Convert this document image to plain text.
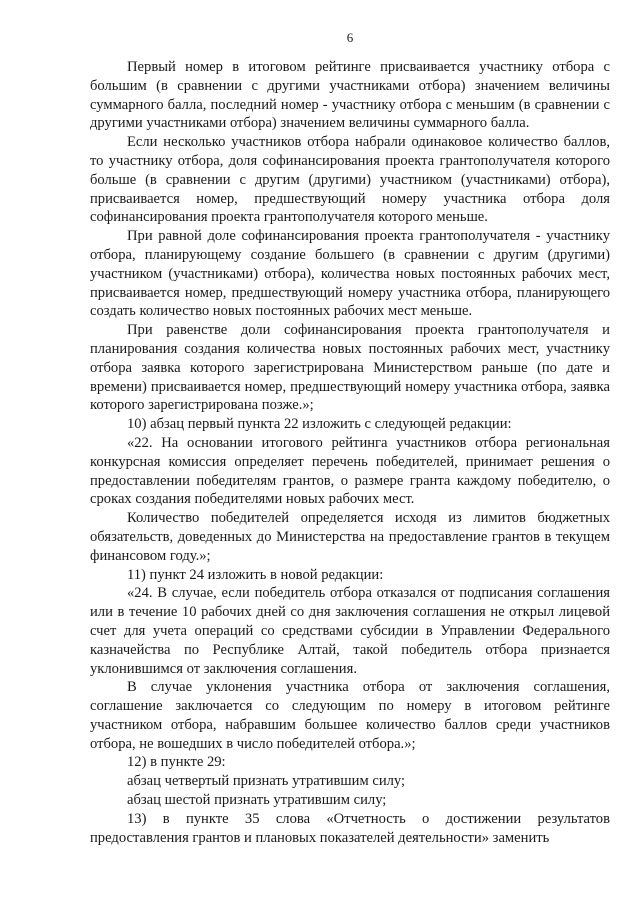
6

Первый номер в итоговом рейтинге присваивается участнику отбора с большим (в сравнении с другими участниками отбора) значением величины суммарного балла, последний номер - участнику отбора с меньшим (в сравнении с другими участниками отбора) значением величины суммарного балла.

Если несколько участников отбора набрали одинаковое количество баллов, то участнику отбора, доля софинансирования проекта грантополучателя которого больше (в сравнении с другим (другими) участником (участниками) отбора), присваивается номер, предшествующий номеру участника отбора доля софинансирования проекта грантополучателя которого меньше.

При равной доле софинансирования проекта грантополучателя - участнику отбора, планирующему создание большего (в сравнении с другим (другими) участником (участниками) отбора), количества новых постоянных рабочих мест, присваивается номер, предшествующий номеру участника отбора, планирующего создать количество новых постоянных рабочих мест меньше.

При равенстве доли софинансирования проекта грантополучателя и планирования создания количества новых постоянных рабочих мест, участнику отбора заявка которого зарегистрирована Министерством раньше (по дате и времени) присваивается номер, предшествующий номеру участника отбора, заявка которого зарегистрирована позже.»;

10) абзац первый пункта 22 изложить с следующей редакции:

«22. На основании итогового рейтинга участников отбора региональная конкурсная комиссия определяет перечень победителей, принимает решения о предоставлении победителям грантов, о размере гранта каждому победителю, о сроках создания победителями новых рабочих мест.

Количество победителей определяется исходя из лимитов бюджетных обязательств, доведенных до Министерства на предоставление грантов в текущем финансовом году.»;

11) пункт 24 изложить в новой редакции:

«24. В случае, если победитель отбора отказался от подписания соглашения или в течение 10 рабочих дней со дня заключения соглашения не открыл лицевой счет для учета операций со средствами субсидии в Управлении Федерального казначейства по Республике Алтай, такой победитель отбора признается уклонившимся от заключения соглашения.

В случае уклонения участника отбора от заключения соглашения, соглашение заключается со следующим по номеру в итоговом рейтинге участником отбора, набравшим большее количество баллов среди участников отбора, не вошедших в число победителей отбора.»;

12) в пункте 29:

абзац четвертый признать утратившим силу;

абзац шестой признать утратившим силу;

13) в пункте 35 слова «Отчетность о достижении результатов предоставления грантов и плановых показателей деятельности» заменить
